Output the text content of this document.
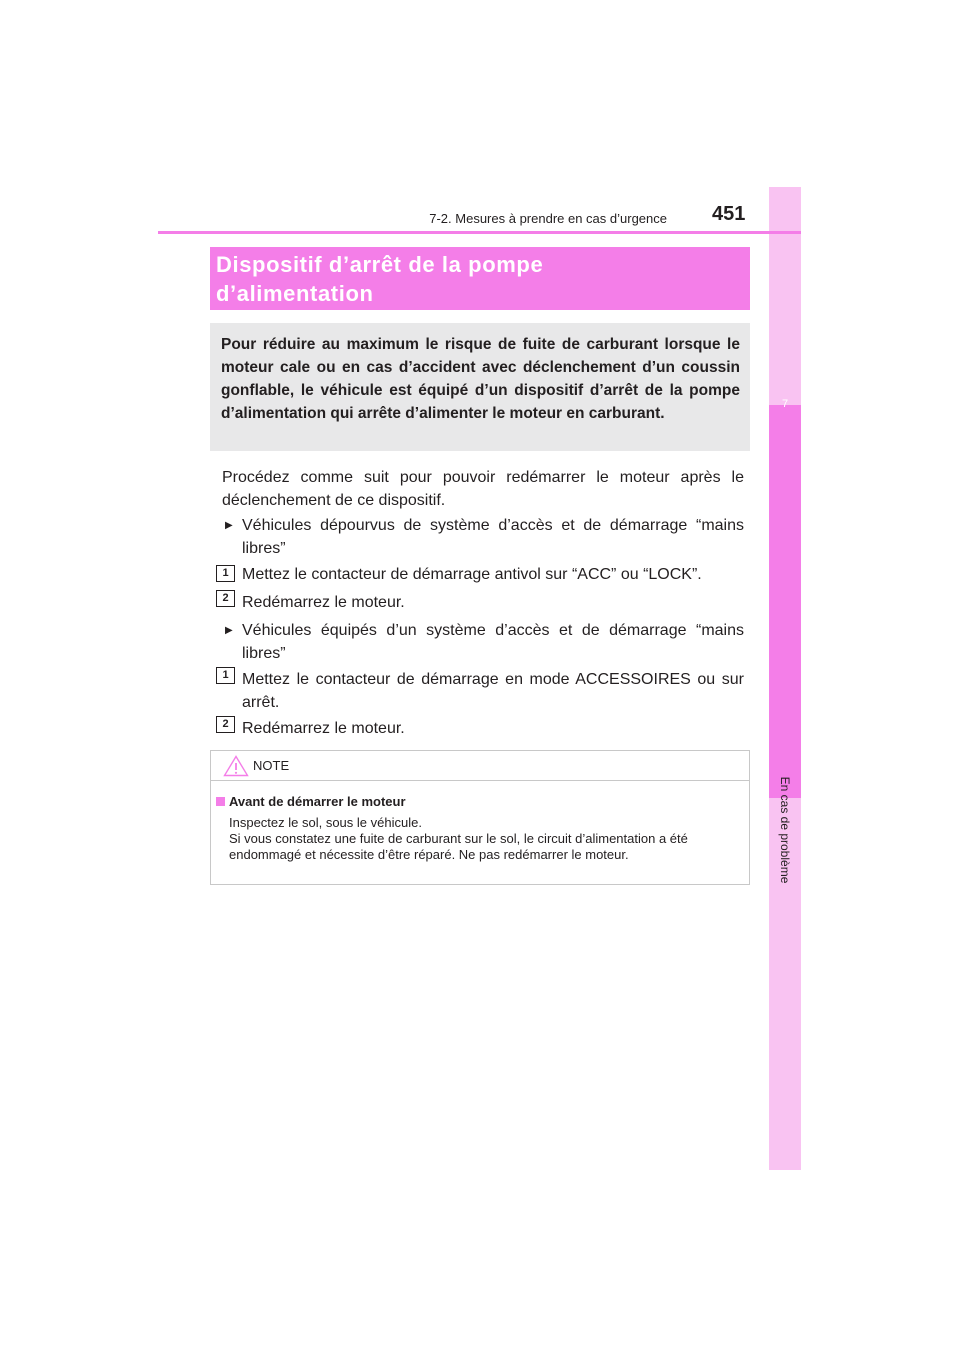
7
En cas de problème
7-2. Mesures à prendre en cas d’urgence 451
Dispositif d’arrêt de la pompe
d’alimentation
Pour réduire au maximum le risque de fuite de carburant lorsque le moteur cale ou en cas d’accident avec déclenchement d’un coussin gonflable, le véhicule est équipé d’un dispositif d’arrêt de la pompe d’alimentation qui arrête d’alimenter le moteur en carburant.
Procédez comme suit pour pouvoir redémarrer le moteur après le déclenchement de ce dispositif.
▶ Véhicules dépourvus de système d’accès et de démarrage “mains libres”
1 Mettez le contacteur de démarrage antivol sur “ACC” ou “LOCK”.
2 Redémarrez le moteur.
▶ Véhicules équipés d’un système d’accès et de démarrage “mains libres”
1 Mettez le contacteur de démarrage en mode ACCESSOIRES ou sur arrêt.
2 Redémarrez le moteur.
NOTE
Avant de démarrer le moteur
Inspectez le sol, sous le véhicule.
Si vous constatez une fuite de carburant sur le sol, le circuit d’alimentation a été endommagé et nécessite d’être réparé. Ne pas redémarrer le moteur.
